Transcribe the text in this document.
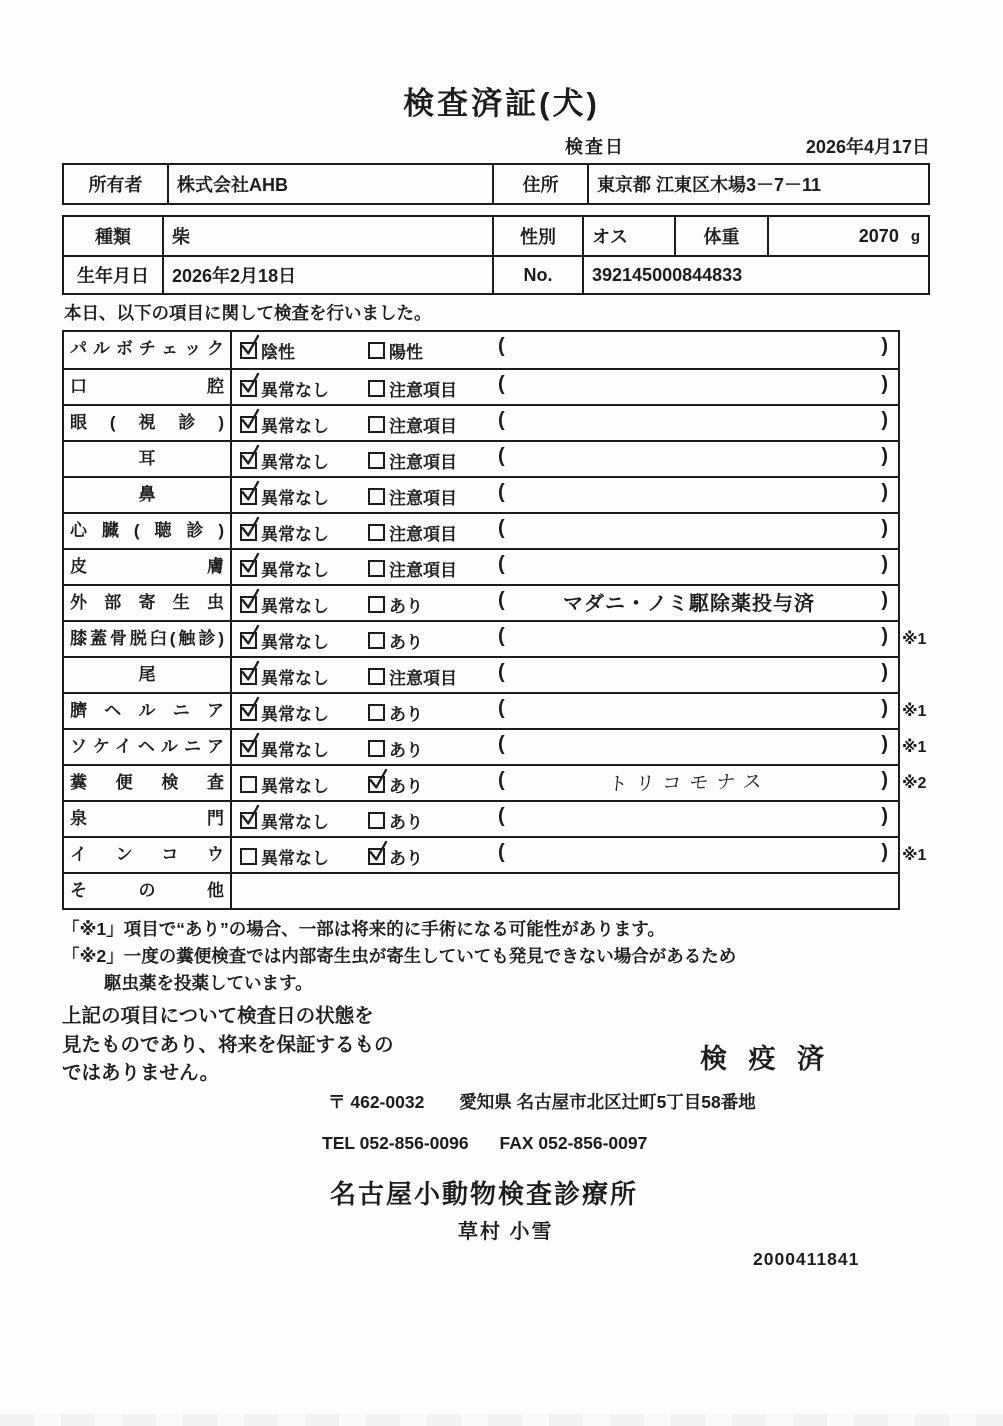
検査済証(犬)
検査日	2026年4月17日
所有者	株式会社AHB	住所	東京都 江東区木場3－7－11
種類	柴	性別	オス	体重	2070 g
生年月日	2026年2月18日	No.	392145000844833
本日、以下の項目に関して検査を行いました。
パルボチェック	陰性	陽性	(	)
口腔	異常なし	注意項目 (	)
眼(視診)	異常なし	注意項目 (	)
耳	異常なし	注意項目 (	)
鼻	異常なし	注意項目 (	)
心臓(聴診)	異常なし	注意項目 (	)
皮膚	異常なし	注意項目 (	)
外部寄生虫	異常なし	あり	(	マダニ・ノミ駆除薬投与済	)
膝蓋骨脱臼(触診)	異常なし	あり	(	) ※1
尾	異常なし	注意項目 (	)
臍ヘルニア	異常なし	あり	(	) ※1
ソケイヘルニア	異常なし	あり	(	) ※1
糞便検査	異常なし	あり	(	トリコモナス	) ※2
泉門	異常なし	あり	(	)
インコウ	異常なし	あり	(	) ※1
その他
「※1」項目で“あり”の場合、一部は将来的に手術になる可能性があります。
「※2」一度の糞便検査では内部寄生虫が寄生していても発見できない場合があるため
駆虫薬を投薬しています。
上記の項目について検査日の状態を
見たものであり、将来を保証するもの
ではありません。	検 疫 済
〒 462-0032 愛知県 名古屋市北区辻町5丁目58番地
TEL 052-856-0096 FAX 052-856-0097
名古屋小動物検査診療所
草村 小雪
2000411841
